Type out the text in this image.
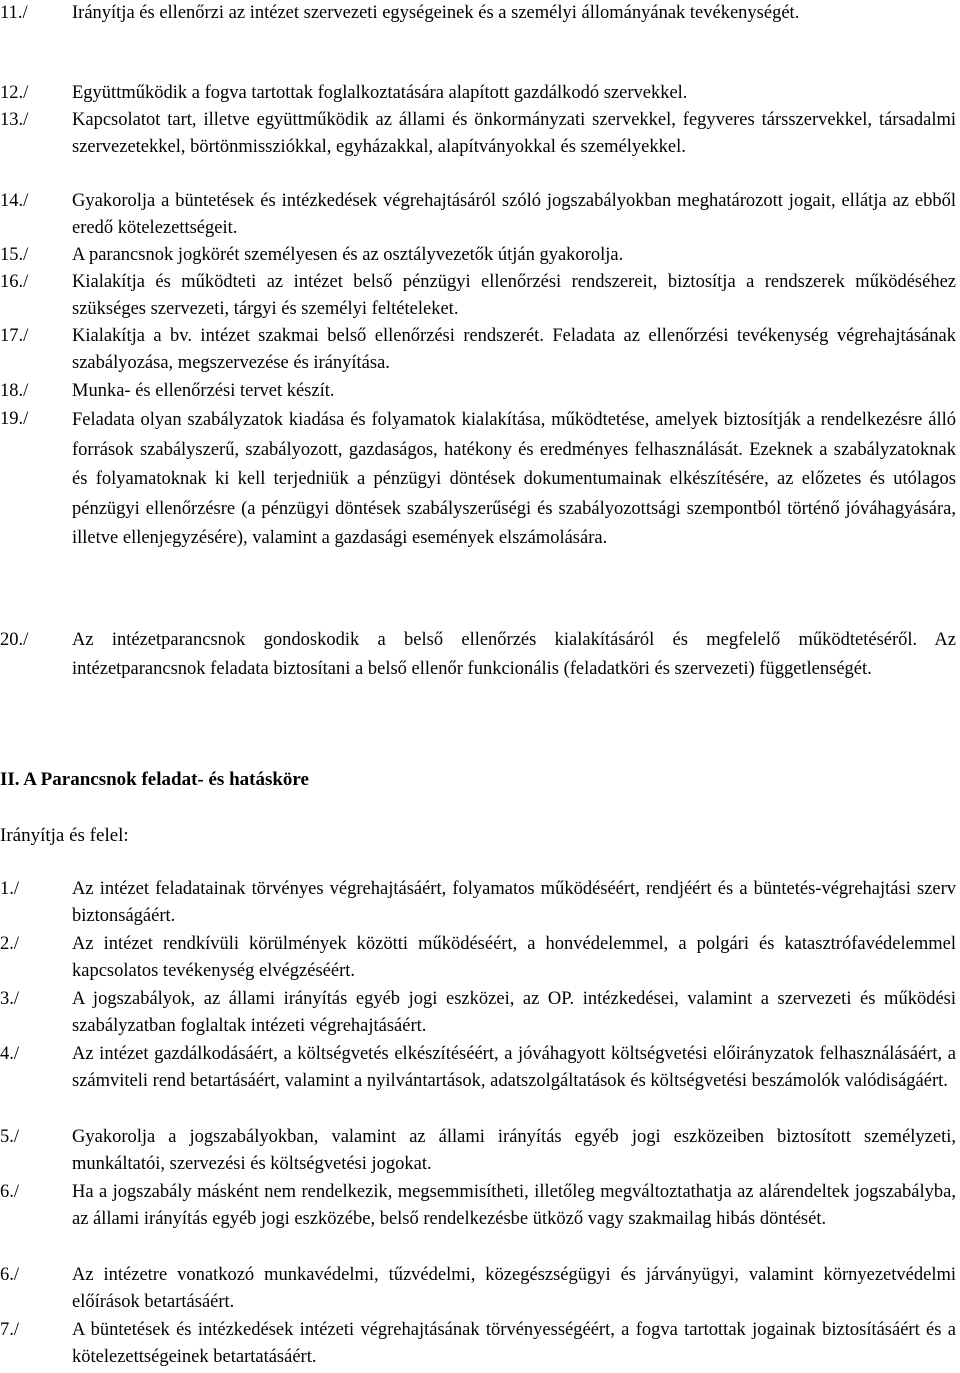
11./ Irányítja és ellenőrzi az intézet szervezeti egységeinek és a személyi állományának tevékenységét.
12./ Együttműködik a fogva tartottak foglalkoztatására alapított gazdálkodó szervekkel.
13./ Kapcsolatot tart, illetve együttműködik az állami és önkormányzati szervekkel, fegyveres társszervekkel, társadalmi szervezetekkel, börtönmissziókkal, egyházakkal, alapítványokkal és személyekkel.
14./ Gyakorolja a büntetések és intézkedések végrehajtásáról szóló jogszabályokban meghatározott jogait, ellátja az ebből eredő kötelezettségeit.
15./ A parancsnok jogkörét személyesen és az osztályvezetők útján gyakorolja.
16./ Kialakítja és működteti az intézet belső pénzügyi ellenőrzési rendszereit, biztosítja a rendszerek működéséhez szükséges szervezeti, tárgyi és személyi feltételeket.
17./ Kialakítja a bv. intézet szakmai belső ellenőrzési rendszerét. Feladata az ellenőrzési tevékenység végrehajtásának szabályozása, megszervezése és irányítása.
18./ Munka- és ellenőrzési tervet készít.
19./ Feladata olyan szabályzatok kiadása és folyamatok kialakítása, működtetése, amelyek biztosítják a rendelkezésre álló források szabályszerű, szabályozott, gazdaságos, hatékony és eredményes felhasználását. Ezeknek a szabályzatoknak és folyamatoknak ki kell terjedniük a pénzügyi döntések dokumentumainak elkészítésére, az előzetes és utólagos pénzügyi ellenőrzésre (a pénzügyi döntések szabályszerűségi és szabályozottsági szempontból történő jóváhagyására, illetve ellenjegyzésére), valamint a gazdasági események elszámolására.
20./ Az intézetparancsnok gondoskodik a belső ellenőrzés kialakításáról és megfelelő működtetéséről. Az intézetparancsnok feladata biztosítani a belső ellenőr funkcionális (feladatköri és szervezeti) függetlenségét.
II. A Parancsnok feladat- és hatásköre
Irányítja és felel:
1./	Az intézet feladatainak törvényes végrehajtásáért, folyamatos működéséért, rendjéért és a büntetés-végrehajtási szerv biztonságáért.
2./	Az intézet rendkívüli körülmények közötti működéséért, a honvédelemmel, a polgári és katasztrófavédelemmel kapcsolatos tevékenység elvégzéséért.
3./	A jogszabályok, az állami irányítás egyéb jogi eszközei, az OP. intézkedései, valamint a szervezeti és működési szabályzatban foglaltak intézeti végrehajtásáért.
4./	Az intézet gazdálkodásáért, a költségvetés elkészítéséért, a jóváhagyott költségvetési előirányzatok felhasználásáért, a számviteli rend betartásáért, valamint a nyilvántartások, adatszolgáltatások és költségvetési beszámolók valódiságáért.
5./	Gyakorolja a jogszabályokban, valamint az állami irányítás egyéb jogi eszközeiben biztosított személyzeti, munkáltatói, szervezési és költségvetési jogokat.
6./	Ha a jogszabály másként nem rendelkezik, megsemmisítheti, illetőleg megváltoztathatja az alárendeltek jogszabályba, az állami irányítás egyéb jogi eszközébe, belső rendelkezésbe ütköző vagy szakmailag hibás döntését.
6./	Az intézetre vonatkozó munkavédelmi, tűzvédelmi, közegészségügyi és járványügyi, valamint környezetvédelmi előírások betartásáért.
7./	A büntetések és intézkedések intézeti végrehajtásának törvényességéért, a fogva tartottak jogainak biztosításáért és a kötelezettségeinek betartatásáért.
